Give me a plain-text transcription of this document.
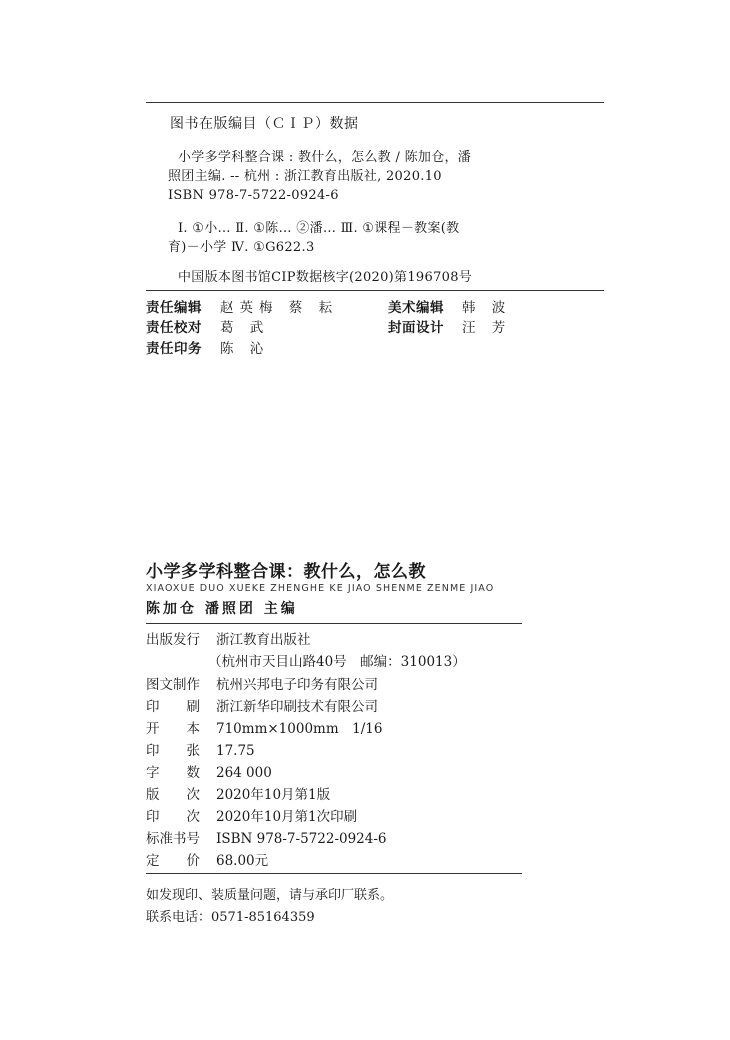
图书在版编目（ＣＩＰ）数据
小学多学科整合课 : 教什么，怎么教 / 陈加仓，潘
照团主编. -- 杭州 : 浙江教育出版社, 2020.10
ISBN 978-7-5722-0924-6
Ⅰ. ①小… Ⅱ. ①陈… ②潘… Ⅲ. ①课程－教案(教
育)－小学 Ⅳ. ①G622.3
中国版本图书馆CIP数据核字(2020)第196708号
责任编辑	赵英梅 蔡 耘	美术编辑	韩 波
责任校对	葛 武	封面设计	汪 芳
责任印务	陈 沁
小学多学科整合课：教什么，怎么教
XIAOXUE DUO XUEKE ZHENGHE KE JIAO SHENME ZENME JIAO
陈加仓 潘照团 主编
出版发行	浙江教育出版社
（杭州市天目山路40号　邮编：310013）
图文制作	杭州兴邦电子印务有限公司
印　　刷	浙江新华印刷技术有限公司
开　　本	710mm×1000mm　1/16
印　　张	17.75
字　　数	264 000
版　　次	2020年10月第1版
印　　次	2020年10月第1次印刷
标准书号	ISBN 978-7-5722-0924-6
定　　价	68.00元
如发现印、装质量问题，请与承印厂联系。
联系电话：0571-85164359
